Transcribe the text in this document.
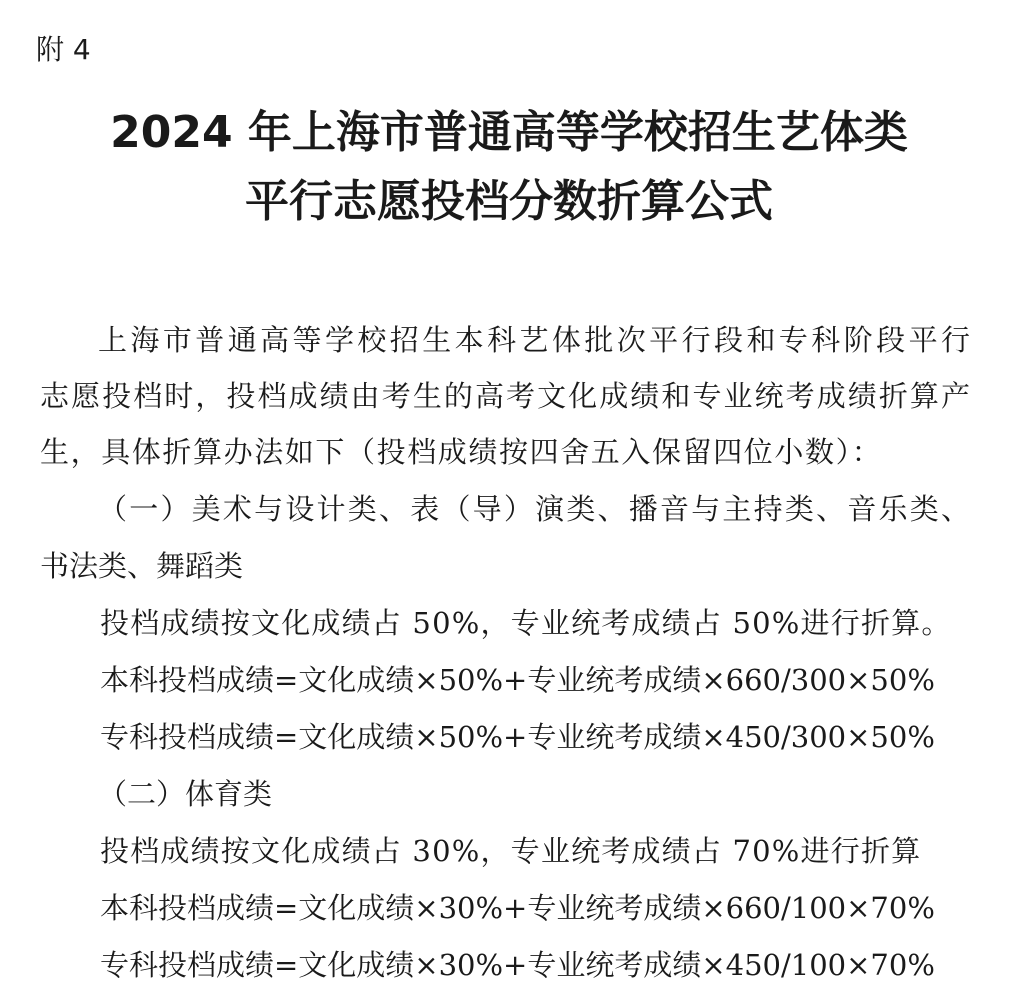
附 4
2024 年上海市普通高等学校招生艺体类
平行志愿投档分数折算公式
上海市普通高等学校招生本科艺体批次平行段和专科阶段平行
志愿投档时，投档成绩由考生的高考文化成绩和专业统考成绩折算产
生，具体折算办法如下（投档成绩按四舍五入保留四位小数）：
（一）美术与设计类、表（导）演类、播音与主持类、音乐类、
书法类、舞蹈类
投档成绩按文化成绩占 50%，专业统考成绩占 50%进行折算。
本科投档成绩=文化成绩×50%+专业统考成绩×660/300×50%
专科投档成绩=文化成绩×50%+专业统考成绩×450/300×50%
（二）体育类
投档成绩按文化成绩占 30%，专业统考成绩占 70%进行折算
本科投档成绩=文化成绩×30%+专业统考成绩×660/100×70%
专科投档成绩=文化成绩×30%+专业统考成绩×450/100×70%
